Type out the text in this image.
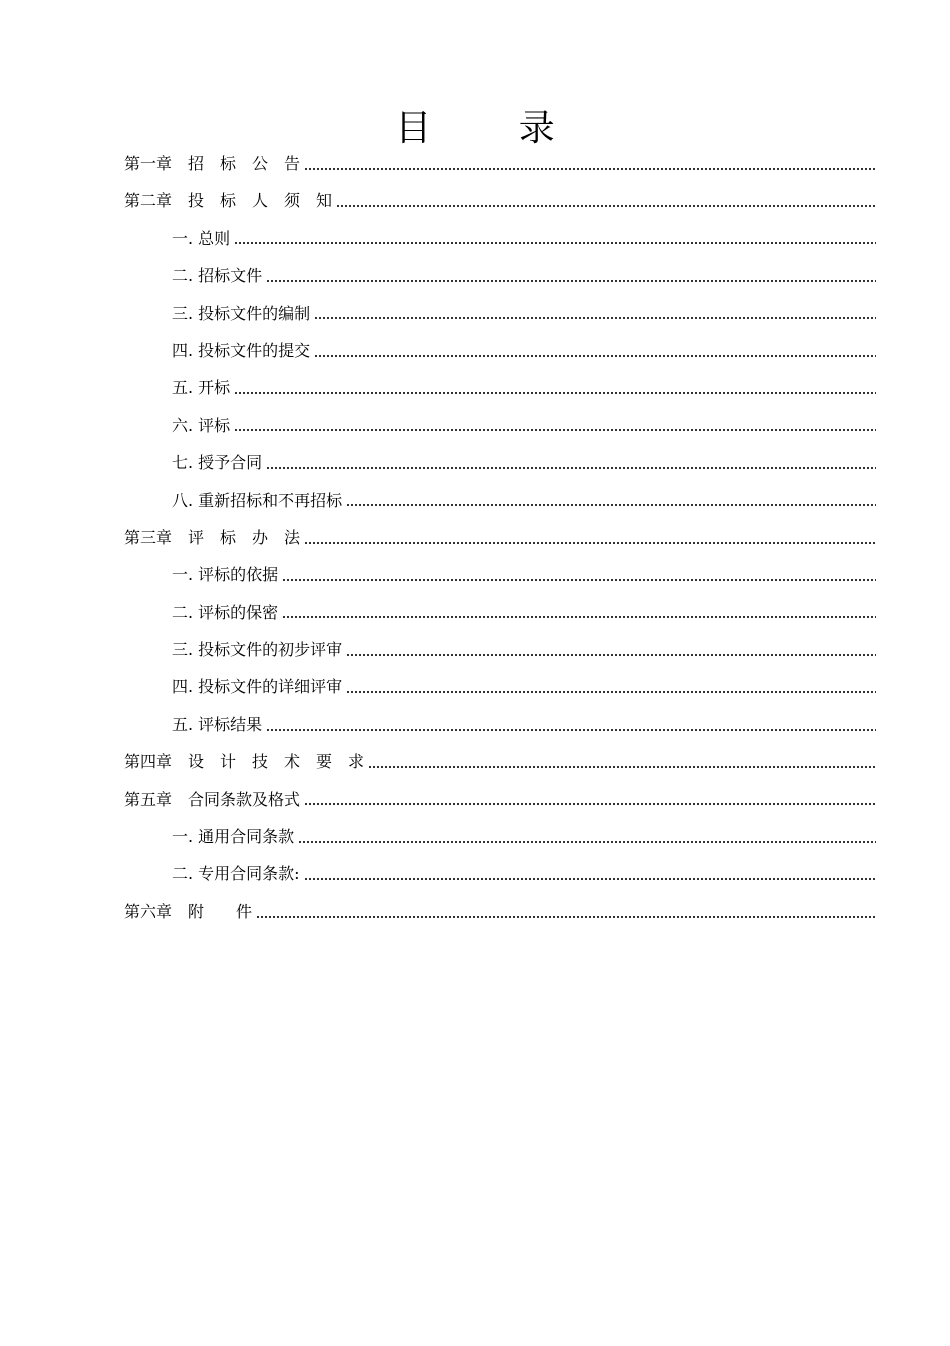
目 录
第一章　招　标　公　告
第二章　投　标　人　须　知
一. 总则
二. 招标文件
三. 投标文件的编制
四. 投标文件的提交
五. 开标
六. 评标
七. 授予合同
八. 重新招标和不再招标
第三章　评　标　办　法
一. 评标的依据
二. 评标的保密
三. 投标文件的初步评审
四. 投标文件的详细评审
五. 评标结果
第四章　设　计　技　术　要　求
第五章　合同条款及格式
一. 通用合同条款
二. 专用合同条款:
第六章　附　　件
